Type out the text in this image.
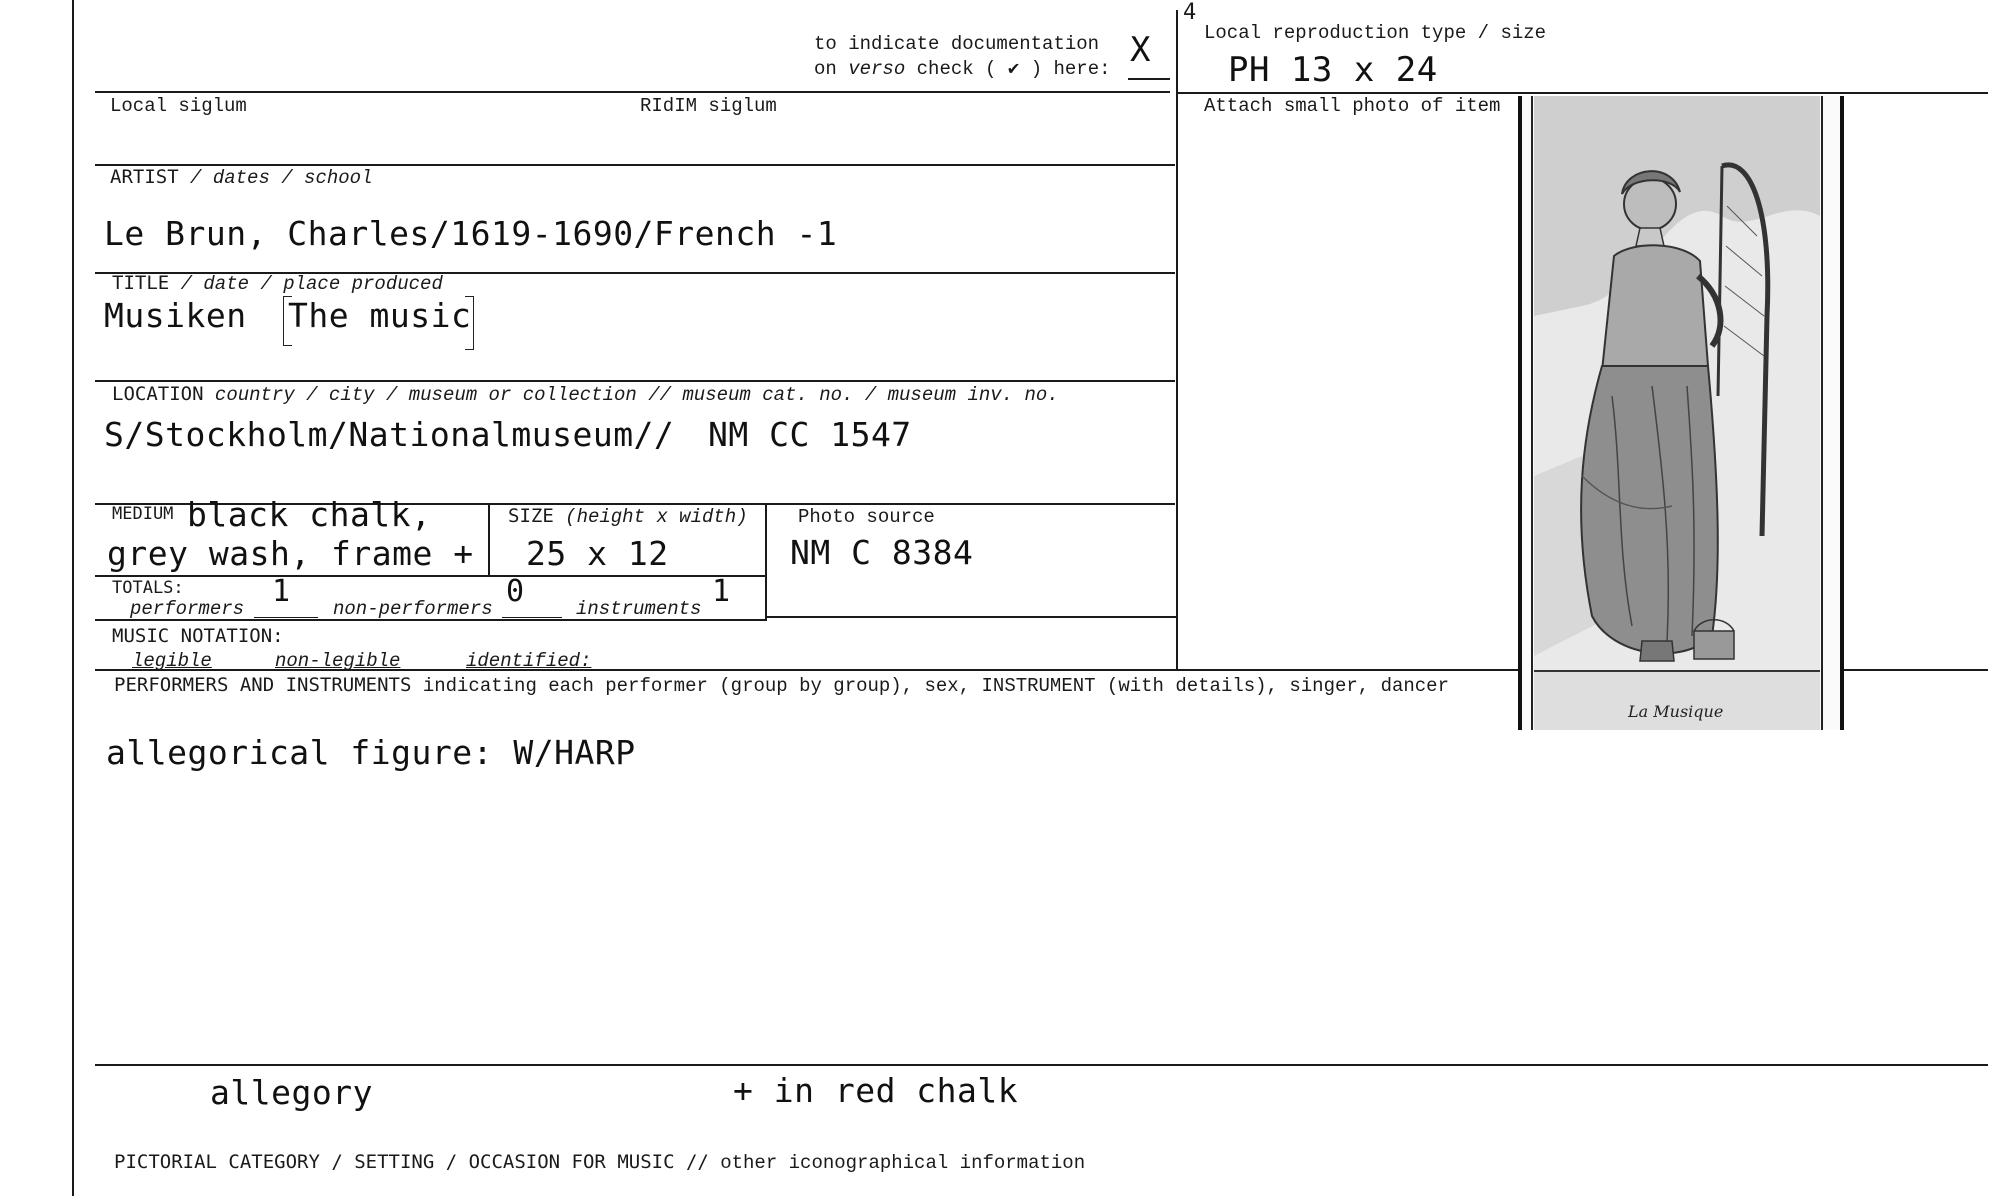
to indicate documentation
on verso check ( ✔ ) here: X
4
Local reproduction type / size
PH 13 x 24
Attach small photo of item
Local siglum	RIdIM siglum
ARTIST / dates / school
Le Brun, Charles/1619-1690/French -1
TITLE / date / place produced
Musiken The music
LOCATION country / city / museum or collection // museum cat. no. / museum inv. no.
S/Stockholm/Nationalmuseum// NM CC 1547
MEDIUM black chalk,
grey wash, frame +
SIZE (height x width)
25 x 12
Photo source
NM C 8384
TOTALS:
performers 1 non-performers 0	instruments 1
MUSIC NOTATION:
legible	non-legible	identified:
PERFORMERS AND INSTRUMENTS indicating each performer (group by group), sex, INSTRUMENT (with details), singer, dancer
allegorical figure: W/HARP
allegory	+ in red chalk
PICTORIAL CATEGORY / SETTING / OCCASION FOR MUSIC // other iconographical information
La Musique
